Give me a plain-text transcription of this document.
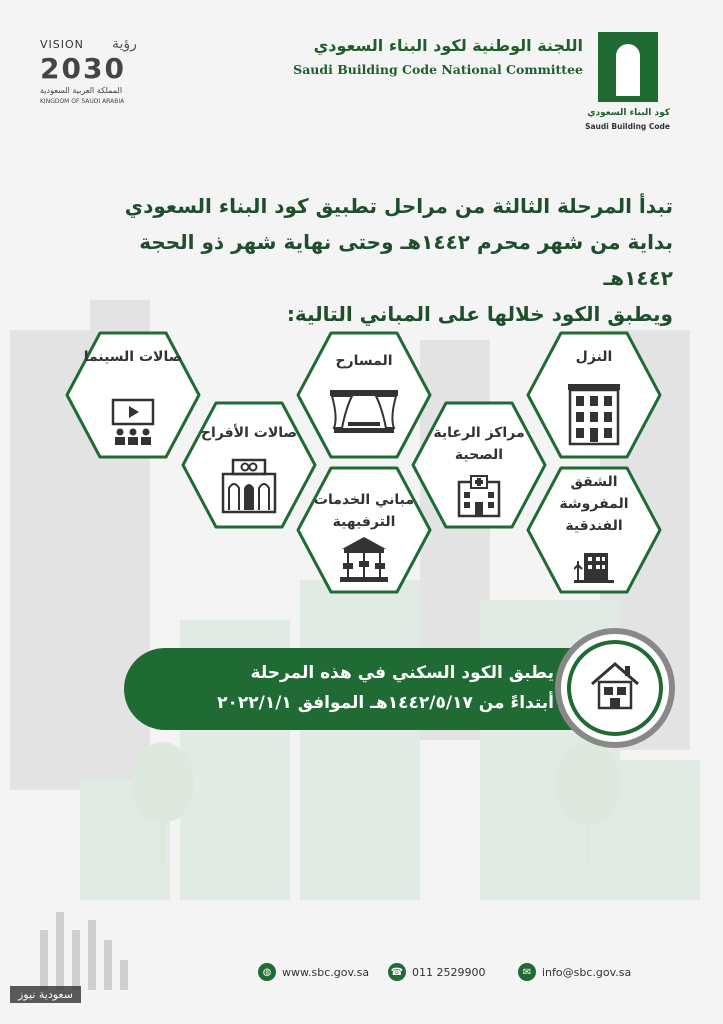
VISION رؤية
2030
المملكة العربية السعودية
KINGDOM OF SAUDI ARABIA
اللجنة الوطنية لكود البناء السعودي
Saudi Building Code National Committee
كود البناء السعودي
Saudi Building Code
تبدأ المرحلة الثالثة من مراحل تطبيق كود البناء السعودي
بداية من شهر محرم ١٤٤٢هـ وحتى نهاية شهر ذو الحجة ١٤٤٢هـ
ويطبق الكود خلالها على المباني التالية:
صالات السينما	المسارح	النزل
صالات الأفراح	مراكز الرعاية الصحية
مباني الخدمات الترفيهية
الشقق المفروشة الفندقية
يطبق الكود السكني في هذه المرحلة
أبتداءً من ١٤٤٢/٥/١٧هـ الموافق ٢٠٢٢/١/١
◍ www.sbc.gov.sa ☎ 011 2529900	✉ info@sbc.gov.sa
سعودية نيوز
